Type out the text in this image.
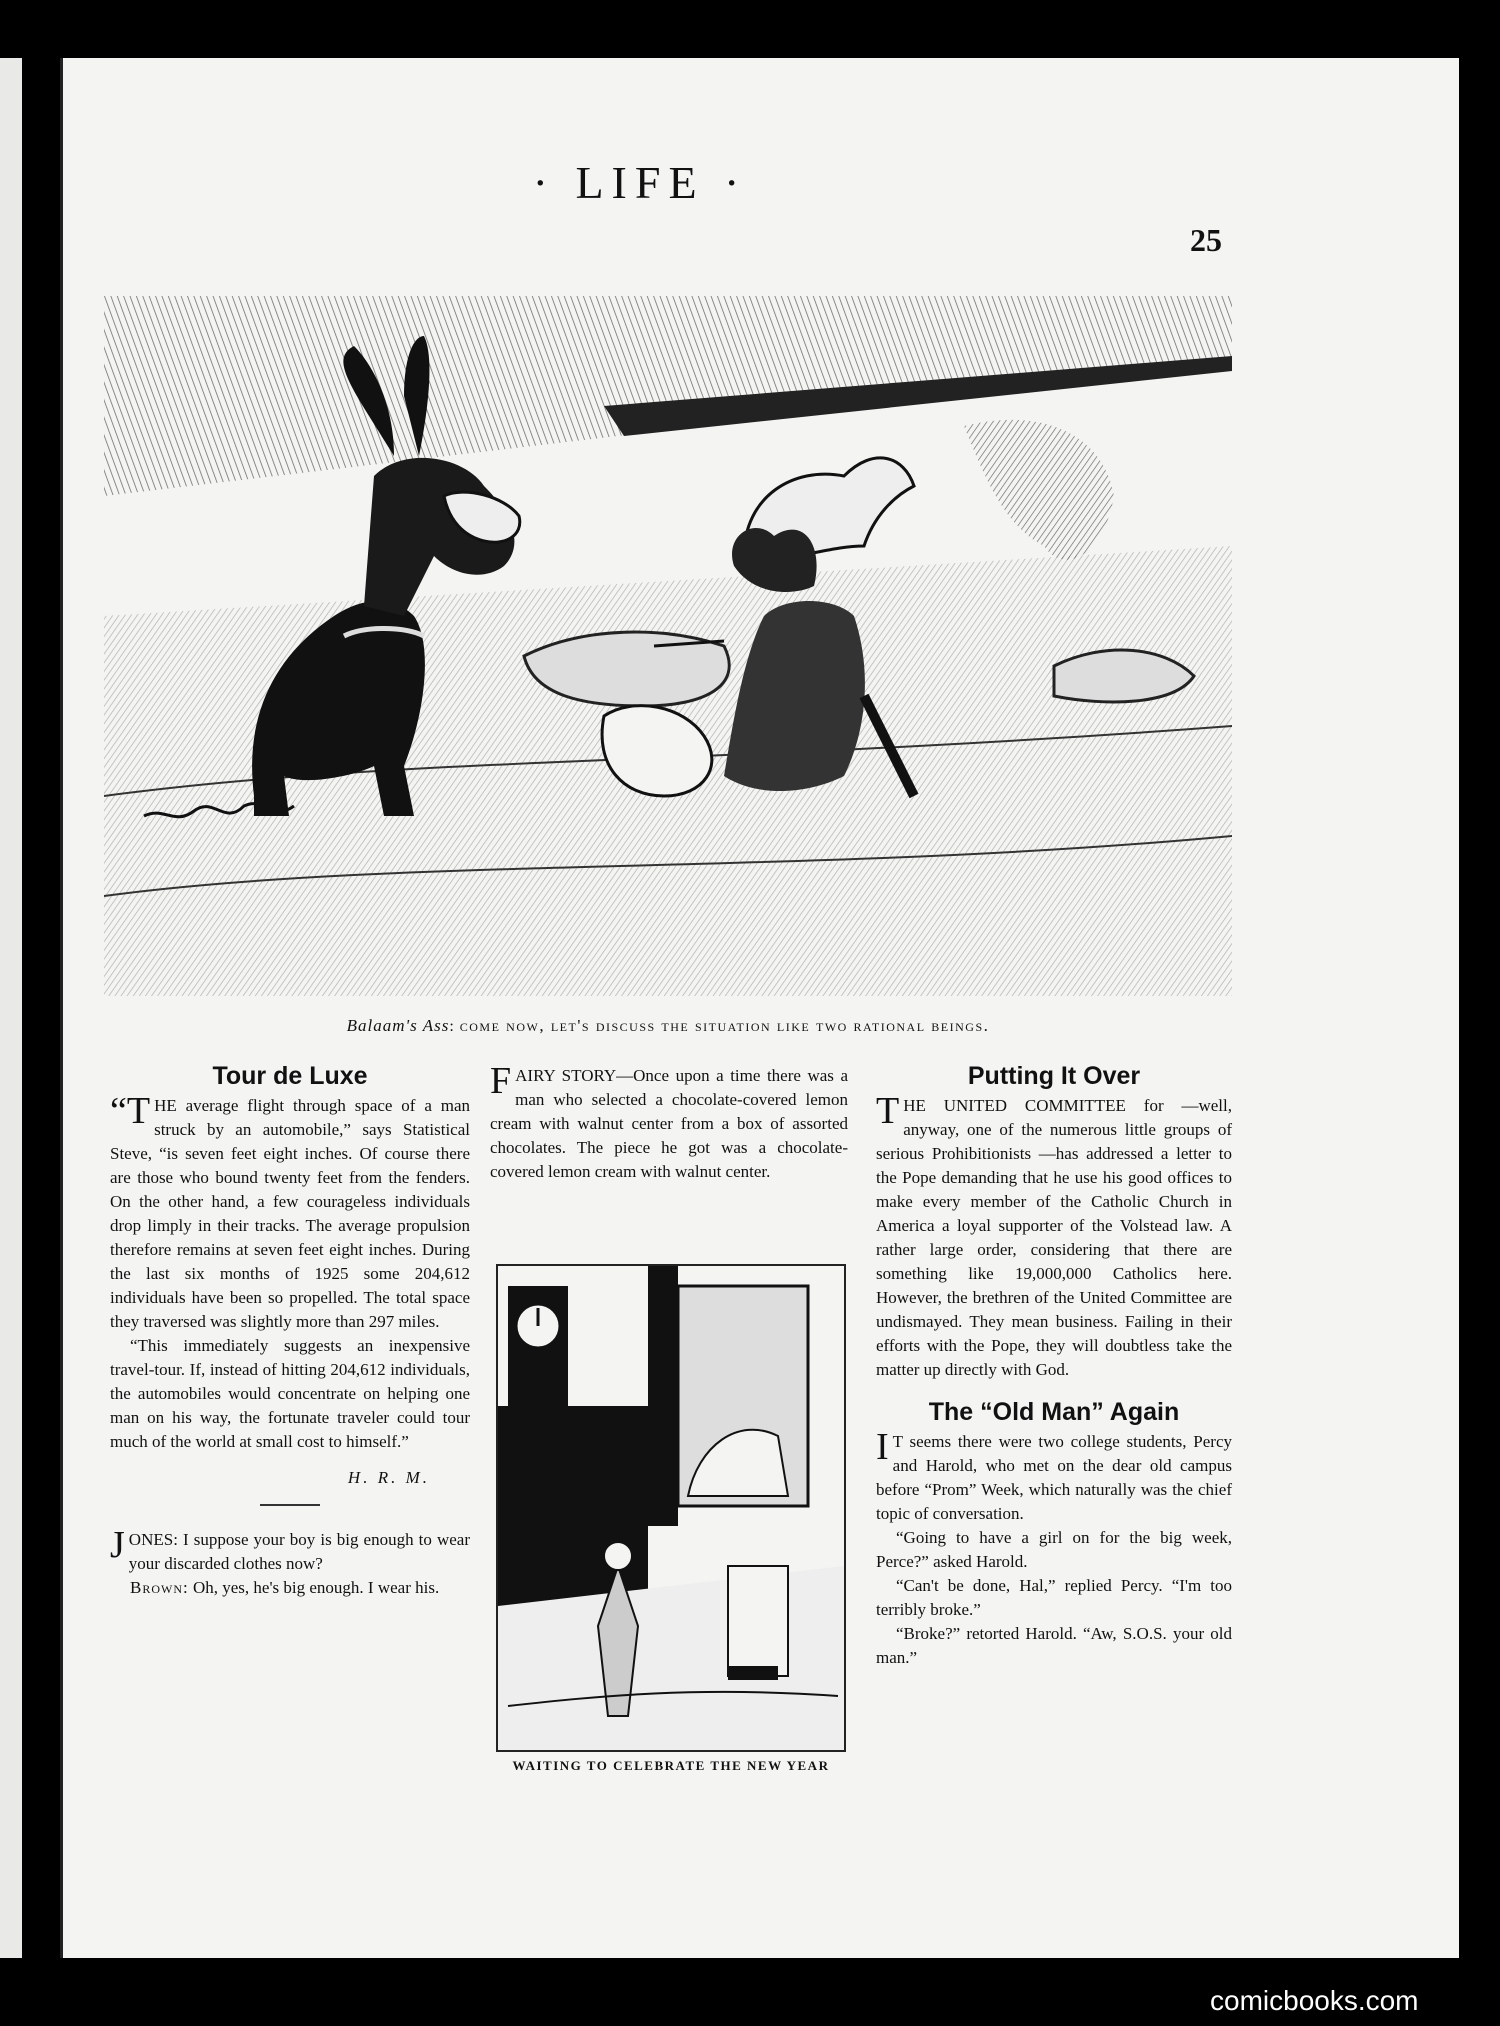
· LIFE ·
25
Balaam's Ass: come now, let's discuss the situation like two rational beings.
Tour de Luxe

“THE average flight through space of a man struck by an automobile,” says Statistical Steve, “is seven feet eight inches. Of course there are those who bound twenty feet from the fenders. On the other hand, a few courageless individuals drop limply in their tracks. The average propulsion therefore remains at seven feet eight inches. During the last six months of 1925 some 204,612 individuals have been so propelled. The total space they traversed was slightly more than 297 miles.

“This immediately suggests an inexpensive travel-tour. If, instead of hitting 204,612 individuals, the automobiles would concentrate on helping one man on his way, the fortunate traveler could tour much of the world at small cost to himself.”

H. R. M.

JONES: I suppose your boy is big enough to wear your discarded clothes now?

Brown: Oh, yes, he's big enough. I wear his.

FAIRY STORY—Once upon a time there was a man who selected a chocolate-covered lemon cream with walnut center from a box of assorted chocolates. The piece he got was a chocolate-covered lemon cream with walnut center.

WAITING TO CELEBRATE THE NEW YEAR
Putting It Over

THE UNITED COMMITTEE for —well, anyway, one of the numerous little groups of serious Prohibitionists —has addressed a letter to the Pope demanding that he use his good offices to make every member of the Catholic Church in America a loyal supporter of the Volstead law. A rather large order, considering that there are something like 19,000,000 Catholics here. However, the brethren of the United Committee are undismayed. They mean business. Failing in their efforts with the Pope, they will doubtless take the matter up directly with God.

The “Old Man” Again

I T seems there were two college students, Percy and Harold, who met on the dear old campus before “Prom” Week, which naturally was the chief topic of conversation.

“Going to have a girl on for the big week, Perce?” asked Harold.

“Can't be done, Hal,” replied Percy. “I'm too terribly broke.”

“Broke?” retorted Harold. “Aw, S.O.S. your old man.”

comicbooks.com
